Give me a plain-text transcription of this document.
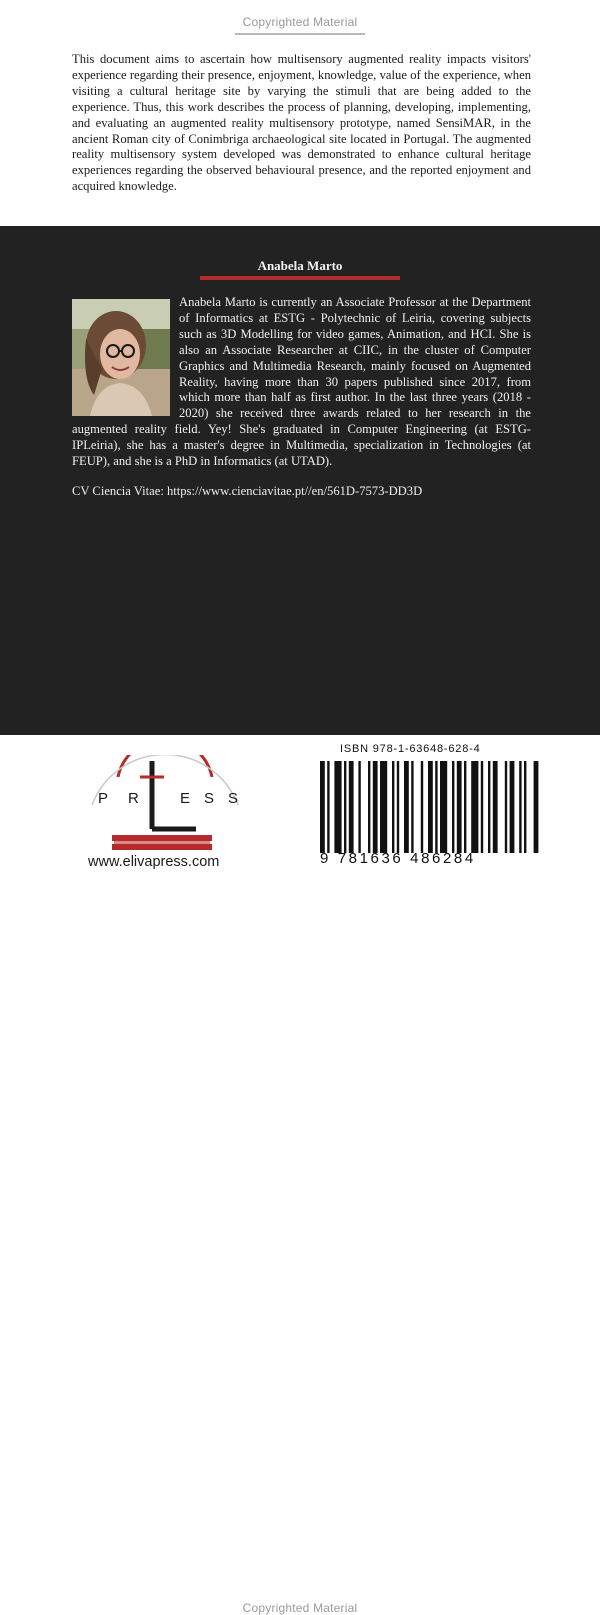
Copyrighted Material

This document aims to ascertain how multisensory augmented reality impacts visitors' experience regarding their presence, enjoyment, knowledge, value of the experience, when visiting a cultural heritage site by varying the stimuli that are being added to the experience. Thus, this work describes the process of planning, developing, implementing, and evaluating an augmented reality multisensory prototype, named SensiMAR, in the ancient Roman city of Conimbriga archaeological site located in Portugal. The augmented reality multisensory system developed was demonstrated to enhance cultural heritage experiences regarding the observed behavioural presence, and the reported enjoyment and acquired knowledge.

Anabela Marto

Anabela Marto is currently an Associate Professor at the Department of Informatics at ESTG - Polytechnic of Leiria, covering subjects such as 3D Modelling for video games, Animation, and HCI. She is also an Associate Researcher at CIIC, in the cluster of Computer Graphics and Multimedia Research, mainly focused on Augmented Reality, having more than 30 papers published since 2017, from which more than half as first author. In the last three years (2018 - 2020) she received three awards related to her research in the augmented reality field. Yey! She's graduated in Computer Engineering (at ESTG-IPLeiria), she has a master's degree in Multimedia, specialization in Technologies (at FEUP), and she is a PhD in Informatics (at UTAD).

CV Ciencia Vitae: https://www.cienciavitae.pt//en/561D-7573-DD3D

P R	E S S
www.elivapress.com
ISBN 978-1-63648-628-4
9 781636 486284
Copyrighted Material
